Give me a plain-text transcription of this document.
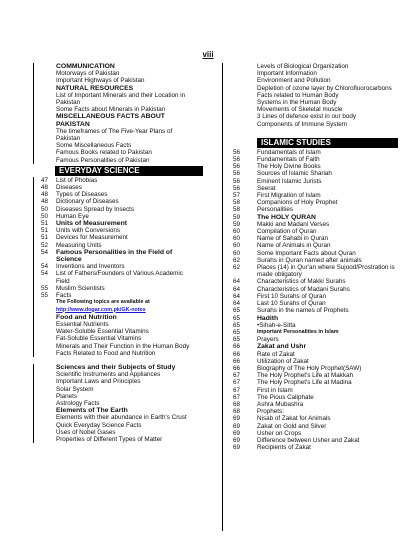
viii
COMMUNICATION
Motorways of Pakistan
Important Highways of Pakistan
NATURAL RESOURCES
List of Important Minerals and their Location in
Pakistan
Some Facts about Minerals in Pakistan
MISCELLANEOUS FACTS ABOUT
PAKISTAN
The timeframes of The Five-Year Plans of
Pakistan
Some Miscellaneous Facts
Famous Books related to Pakistan
Famous Personalities of Pakistan
EVERYDAY SCIENCE
47 List of Phobias
48 Diseases
48 Types of Diseases
48 Dictionary of Diseases
50 Diseases Spread by Insects
50 Human Eye
51 Units of Measurement
51 Units with Conversions
51 Devices for Measurement
52 Measuring Units
54 Famous Personalities in the Field of
Science
54 Inventions and Inventors
54 List of Fathers/Founders of Various Academic
Field
55 Muslim Scientists
55 Facts
The Following topics are available at
http://www.dogar.com.pk/GK-notes
Food and Nutrition
Essential Nutrients
Water-Soluble Essential Vitamins
Fat-Soluble Essential Vitamins
Minerals and Their Function in the Human Body
Facts Related to Food and Nutrition
Sciences and their Subjects of Study
Scientific Instruments and Appliances
Important Laws and Principles
Solar System
Planets
Astrology Facts
Elements of The Earth
Elements with their abundance in Earth's Crust
Quick Everyday Science Facts
Uses of Nobel Gases
Properties of Different Types of Matter
Levels of Biological Organization
Important Information
Environment and Pollution
Depletion of ozone layer by Chlorofluorocarbons
Facts related to Human Body
Systems in the Human Body
Movements of Skeletal muscle
3 Lines of defence exist in our body
Components of Immune System
ISLAMIC STUDIES
56	Fundamentals of Islam
56	Fundamentals of Faith
56	The Holy Divine Books
56	Sources of Islamic Shariah
56	Eminent Islamic Jurists
56	Seerat
57	First Migration of Islam
58	Companions of Holy Prophet
58	Personalities
59	The HOLY QURAN
59	Makki and Madani Verses
60	Compilation of Quran
60	Name of Sahabi in Quran
60	Name of Animals in Quran
60	Some Important Facts about Quran
62	Surahs in Quran named after animals
62	Places (14) in Qur'an where Sujood/Prostration is
made obligatory
64	Characteristics of Makki Surahs
64	Characteristics of Madani Surahs
64	First 10 Surahs of Quran
64	Last 10 Surahs of Quran
65	Surahs in the names of Prophets
65	Hadith
65
•	Sihah-e-Sitta
65	Important Personalities in Islam
65	Prayers
66	Zakat and Ushr
66	Rate of Zakat
66	Utilization of Zakat
66	Biography of The Holy Prophet(SAW)
67	The Holy Prophet's Life at Makkah
67	The Holy Prophet's Life at Madina
67	First in Islam
67	The Pious Caliphate
68	Ashra Mubashra
68	Prophets:
69	Nisab of Zakat for Animals
69	Zakat on Gold and Silver
69	Usher on Crops
69	Difference between Usher and Zakat
69	Recipients of Zakat
